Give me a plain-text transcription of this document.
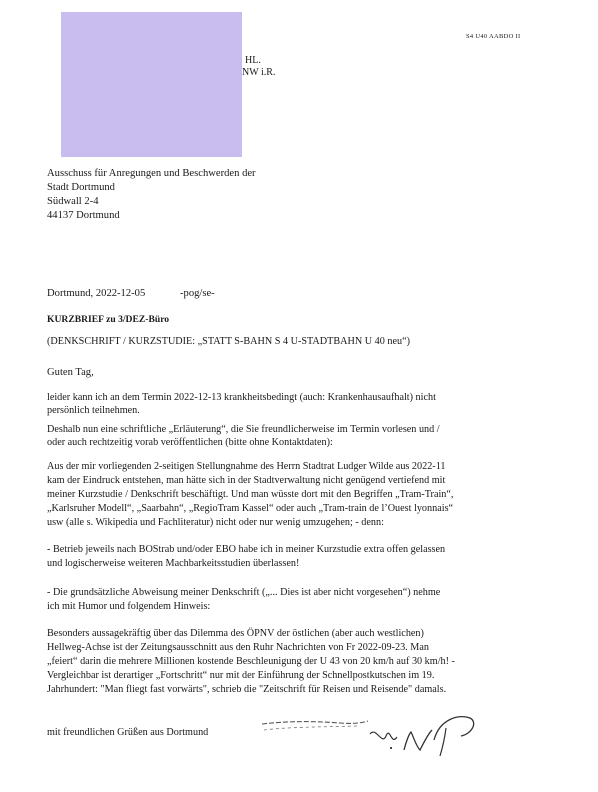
HL.
NW i.R.
S4 U40 AABDO II
Ausschuss für Anregungen und Beschwerden der
Stadt Dortmund
Südwall 2-4
44137 Dortmund
Dortmund, 2022-12-05	-pog/se-
KURZBRIEF zu 3/DEZ-Büro
(DENKSCHRIFT / KURZSTUDIE: „STATT S-BAHN S 4 U-STADTBAHN U 40 neu“)
Guten Tag,
leider kann ich an dem Termin 2022-12-13 krankheitsbedingt (auch: Krankenhausaufhalt) nicht
persönlich teilnehmen.
Deshalb nun eine schriftliche „Erläuterung“, die Sie freundlicherweise im Termin vorlesen und /
oder auch rechtzeitig vorab veröffentlichen (bitte ohne Kontaktdaten):
Aus der mir vorliegenden 2-seitigen Stellungnahme des Herrn Stadtrat Ludger Wilde aus 2022-11
kam der Eindruck entstehen, man hätte sich in der Stadtverwaltung nicht genügend vertiefend mit
meiner Kurzstudie / Denkschrift beschäftigt. Und man wüsste dort mit den Begriffen „Tram-Train“,
„Karlsruher Modell“, „Saarbahn“, „RegioTram Kassel“ oder auch „Tram-train de l’Ouest lyonnais“
usw (alle s. Wikipedia und Fachliteratur) nicht oder nur wenig umzugehen; - denn:
- Betrieb jeweils nach BOStrab und/oder EBO habe ich in meiner Kurzstudie extra offen gelassen
und logischerweise weiteren Machbarkeitsstudien überlassen!
- Die grundsätzliche Abweisung meiner Denkschrift („... Dies ist aber nicht vorgesehen“) nehme
ich mit Humor und folgendem Hinweis:
Besonders aussagekräftig über das Dilemma des ÖPNV der östlichen (aber auch westlichen)
Hellweg-Achse ist der Zeitungsausschnitt aus den Ruhr Nachrichten von Fr 2022-09-23. Man
„feiert“ darin die mehrere Millionen kostende Beschleunigung der U 43 von 20 km/h auf 30 km/h! -
Vergleichbar ist derartiger „Fortschritt“ nur mit der Einführung der Schnellpostkutschen im 19.
Jahrhundert: "Man fliegt fast vorwärts", schrieb die "Zeitschrift für Reisen und Reisende" damals.
mit freundlichen Grüßen aus Dortmund
